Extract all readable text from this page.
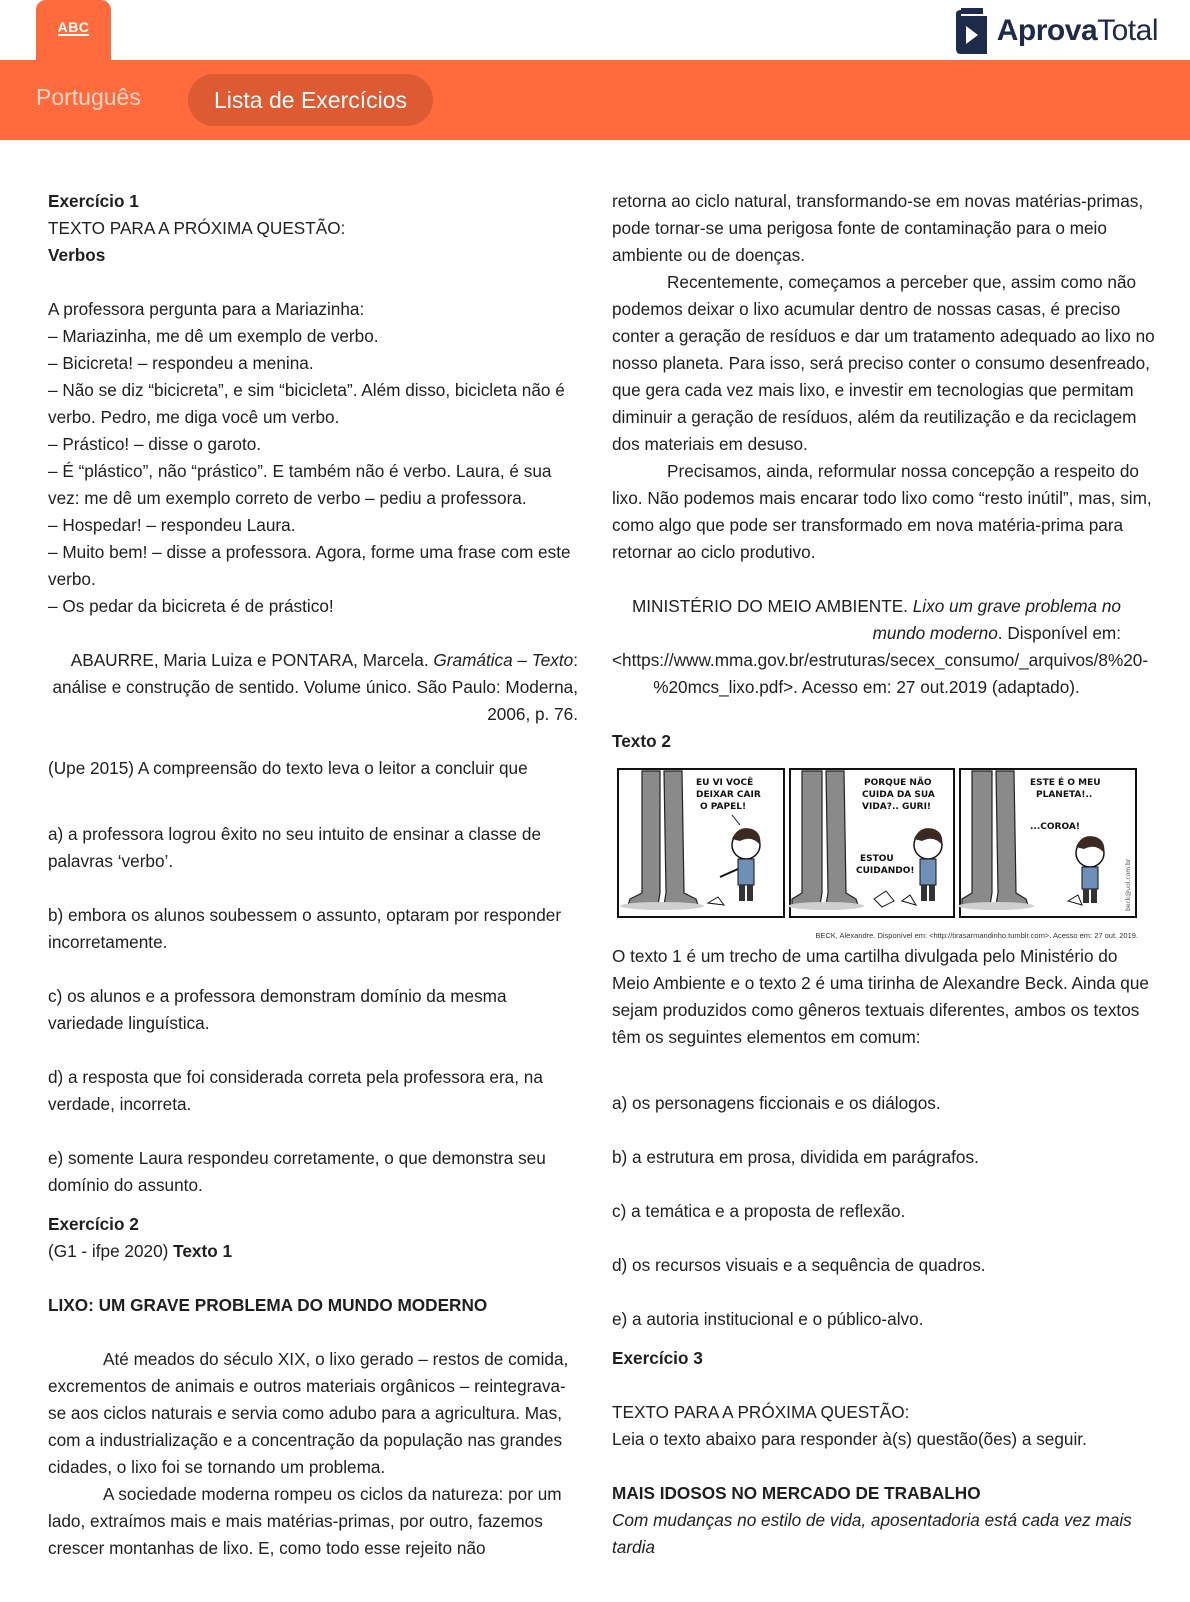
ABC	AprovaTotal
Português	Lista de Exercícios

Exercício 1

TEXTO PARA A PRÓXIMA QUESTÃO:

Verbos

A professora pergunta para a Mariazinha:

– Mariazinha, me dê um exemplo de verbo.

– Bicicreta! – respondeu a menina.

– Não se diz “bicicreta”, e sim “bicicleta”. Além disso, bicicleta não é verbo. Pedro, me diga você um verbo.

– Prástico! – disse o garoto.

– É “plástico”, não “prástico”. E também não é verbo. Laura, é sua vez: me dê um exemplo correto de verbo – pediu a professora.

– Hospedar! – respondeu Laura.

– Muito bem! – disse a professora. Agora, forme uma frase com este verbo.

– Os pedar da bicicreta é de prástico!

ABAURRE, Maria Luiza e PONTARA, Marcela. Gramática – Texto: análise e construção de sentido. Volume único. São Paulo: Moderna, 2006, p. 76.

(Upe 2015) A compreensão do texto leva o leitor a concluir que

a) a professora logrou êxito no seu intuito de ensinar a classe de palavras ‘verbo’.

b) embora os alunos soubessem o assunto, optaram por responder incorretamente.

c) os alunos e a professora demonstram domínio da mesma variedade linguística.

d) a resposta que foi considerada correta pela professora era, na verdade, incorreta.

e) somente Laura respondeu corretamente, o que demonstra seu domínio do assunto.

Exercício 2

(G1 - ifpe 2020) Texto 1

LIXO: UM GRAVE PROBLEMA DO MUNDO MODERNO

Até meados do século XIX, o lixo gerado – restos de comida, excrementos de animais e outros materiais orgânicos – reintegrava-se aos ciclos naturais e servia como adubo para a agricultura. Mas, com a industrialização e a concentração da população nas grandes cidades, o lixo foi se tornando um problema.

A sociedade moderna rompeu os ciclos da natureza: por um lado, extraímos mais e mais matérias-primas, por outro, fazemos crescer montanhas de lixo. E, como todo esse rejeito não

retorna ao ciclo natural, transformando-se em novas matérias-primas, pode tornar-se uma perigosa fonte de contaminação para o meio ambiente ou de doenças.

Recentemente, começamos a perceber que, assim como não podemos deixar o lixo acumular dentro de nossas casas, é preciso conter a geração de resíduos e dar um tratamento adequado ao lixo no nosso planeta. Para isso, será preciso conter o consumo desenfreado, que gera cada vez mais lixo, e investir em tecnologias que permitam diminuir a geração de resíduos, além da reutilização e da reciclagem dos materiais em desuso.

Precisamos, ainda, reformular nossa concepção a respeito do lixo. Não podemos mais encarar todo lixo como “resto inútil”, mas, sim, como algo que pode ser transformado em nova matéria-prima para retornar ao ciclo produtivo.

MINISTÉRIO DO MEIO AMBIENTE. Lixo um grave problema no mundo moderno. Disponível em:

<https://www.mma.gov.br/estruturas/secex_consumo/_arquivos/8%20-

%20mcs_lixo.pdf>. Acesso em: 27 out.2019 (adaptado).

Texto 2

EU VI VOCÊ DEIXAR CAIR O PAPEL!
PORQUE NÃO CUIDA DA SUA VIDA?.. GURI!
ESTOU CUIDANDO!
ESTE É O MEU PLANETA!..
...COROA!
beck@uol.com.br
BECK, Alexandre. Disponível em: <http://tirasarmandinho.tumblr.com>. Acesso em: 27 out. 2019.

O texto 1 é um trecho de uma cartilha divulgada pelo Ministério do Meio Ambiente e o texto 2 é uma tirinha de Alexandre Beck. Ainda que sejam produzidos como gêneros textuais diferentes, ambos os textos têm os seguintes elementos em comum:

a) os personagens ficcionais e os diálogos.

b) a estrutura em prosa, dividida em parágrafos.

c) a temática e a proposta de reflexão.

d) os recursos visuais e a sequência de quadros.

e) a autoria institucional e o público-alvo.

Exercício 3

TEXTO PARA A PRÓXIMA QUESTÃO:

Leia o texto abaixo para responder à(s) questão(ões) a seguir.

MAIS IDOSOS NO MERCADO DE TRABALHO

Com mudanças no estilo de vida, aposentadoria está cada vez mais tardia
